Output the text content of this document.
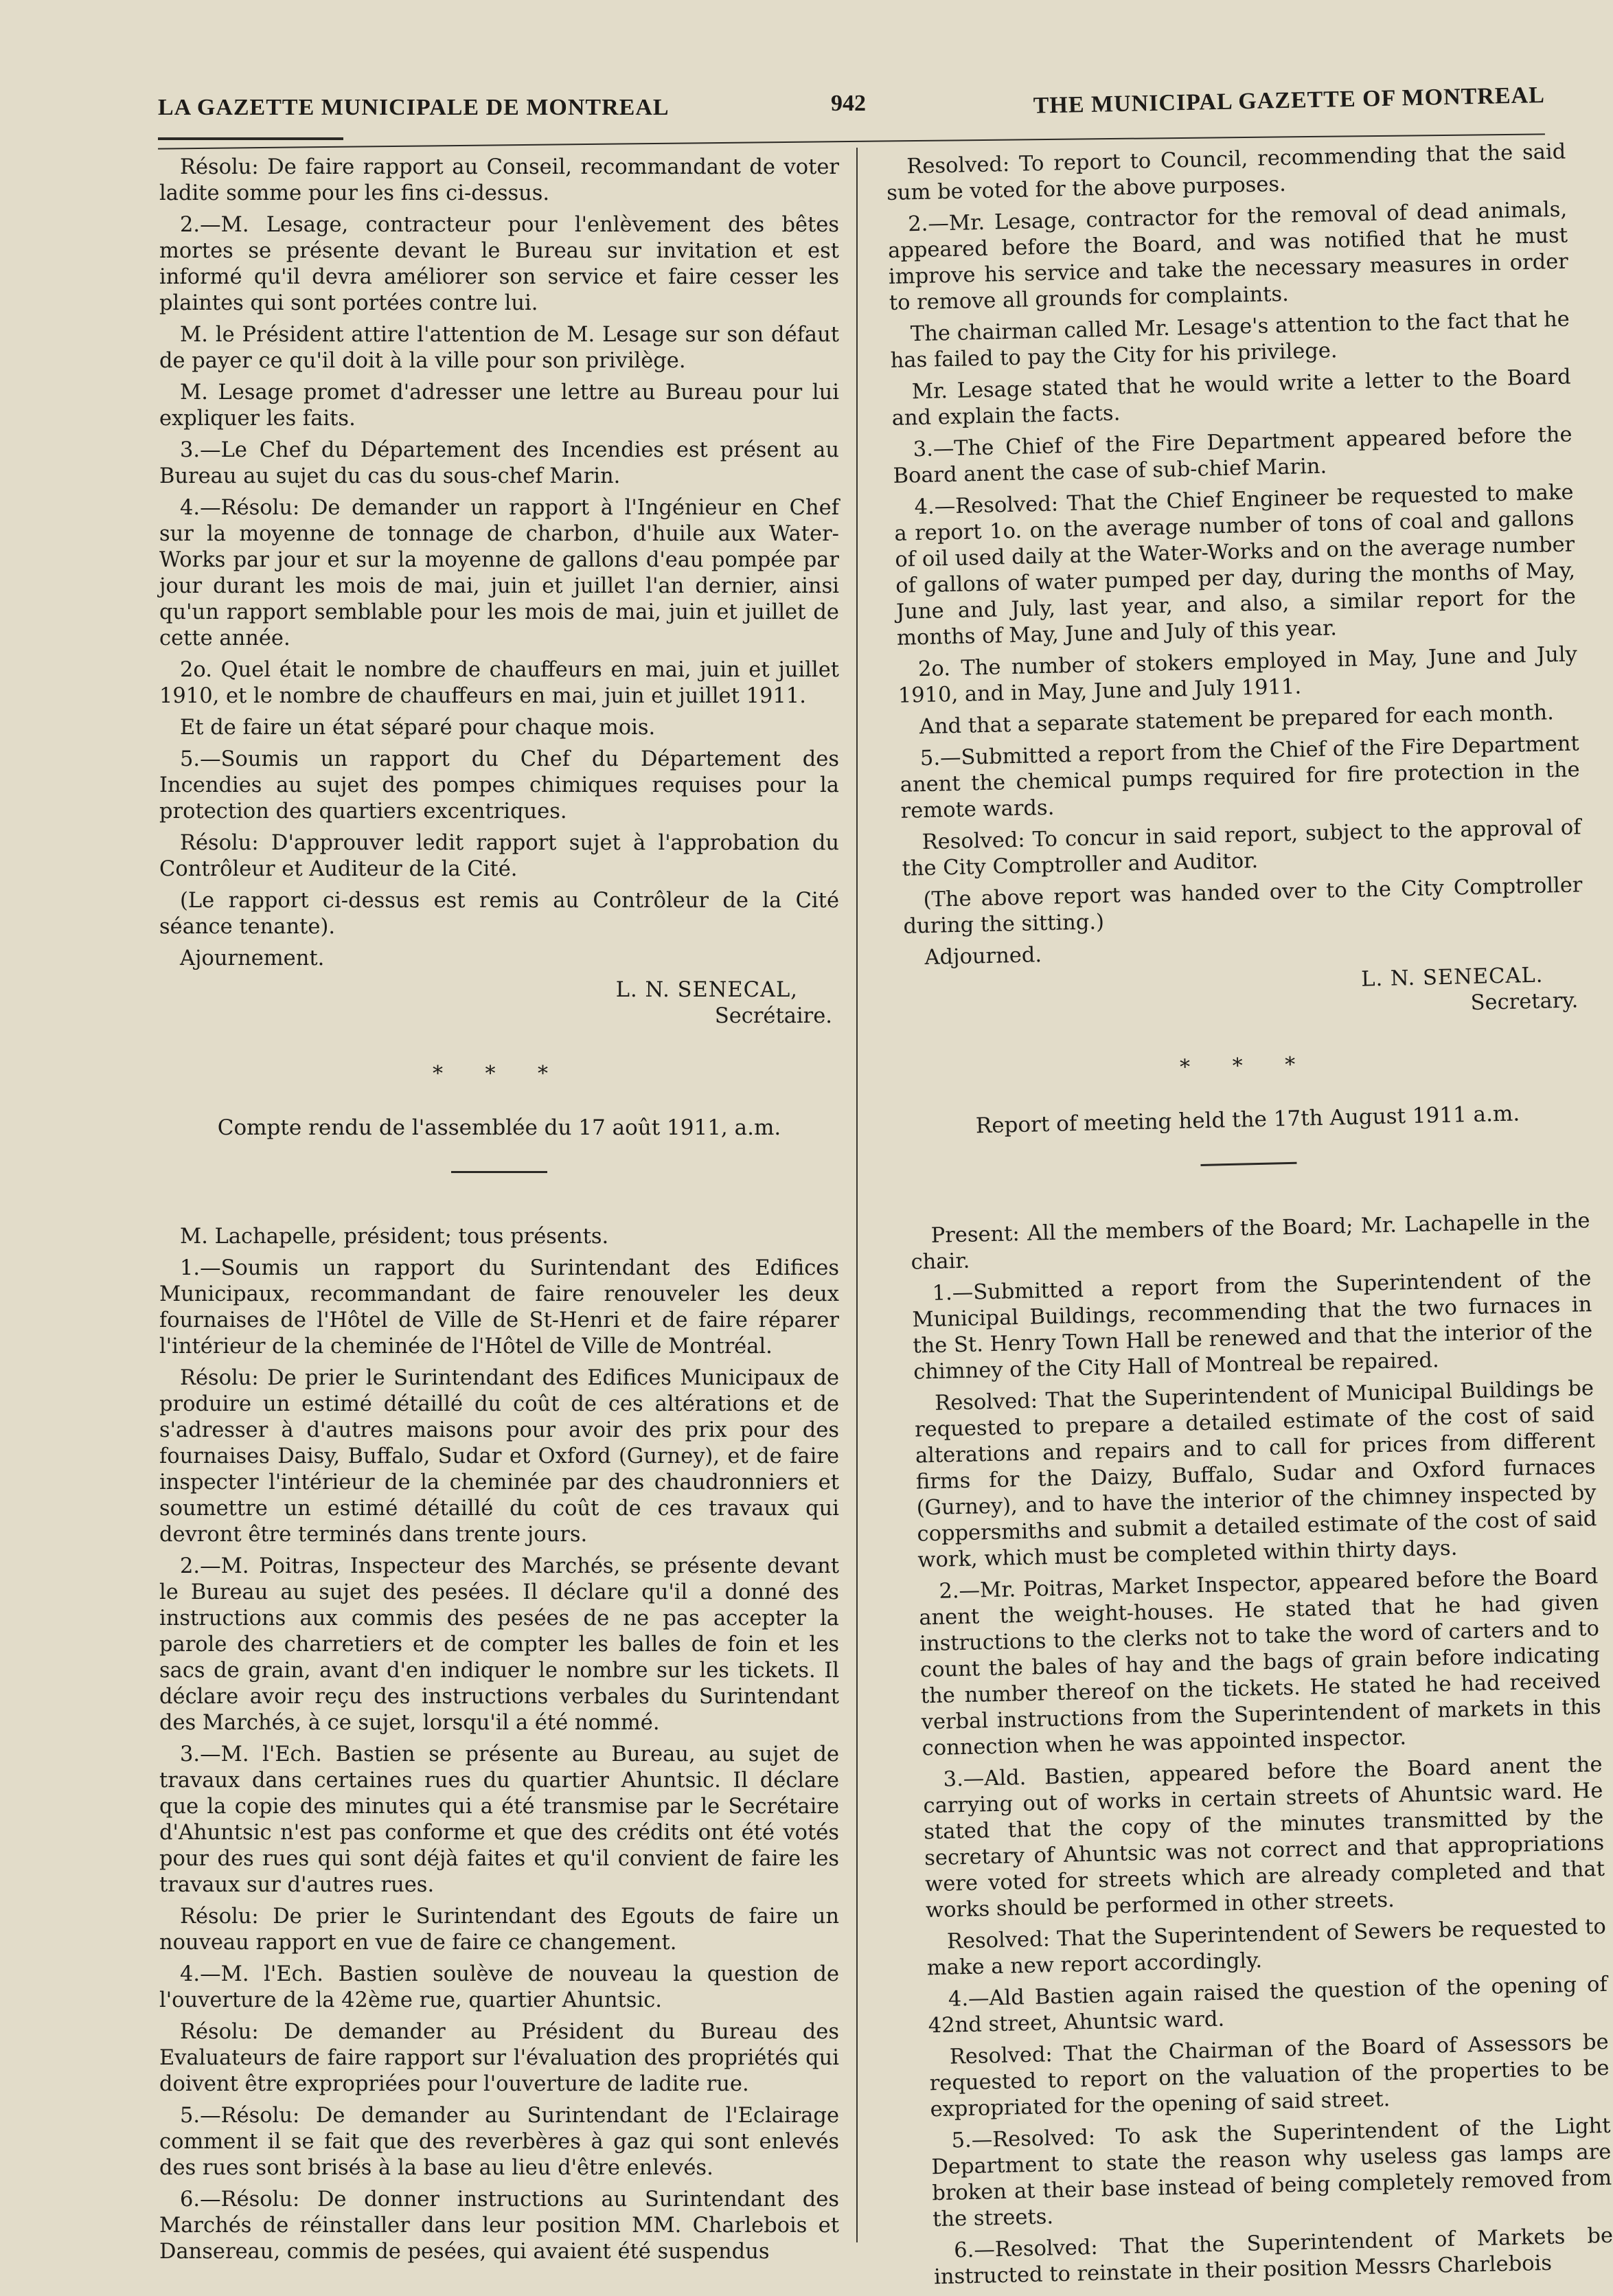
LA GAZETTE MUNICIPALE DE MONTREAL	942	THE MUNICIPAL GAZETTE OF MONTREAL

Résolu: De faire rapport au Conseil, recommandant de voter ladite somme pour les fins ci-dessus.

2.—M. Lesage, contracteur pour l'enlèvement des bêtes mortes se présente devant le Bureau sur invitation et est informé qu'il devra améliorer son service et faire cesser les plaintes qui sont portées contre lui.

M. le Président attire l'attention de M. Lesage sur son défaut de payer ce qu'il doit à la ville pour son privilège.

M. Lesage promet d'adresser une lettre au Bureau pour lui expliquer les faits.

3.—Le Chef du Département des Incendies est présent au Bureau au sujet du cas du sous-chef Marin.

4.—Résolu: De demander un rapport à l'Ingénieur en Chef sur la moyenne de tonnage de charbon, d'huile aux Water-Works par jour et sur la moyenne de gallons d'eau pompée par jour durant les mois de mai, juin et juillet l'an dernier, ainsi qu'un rapport semblable pour les mois de mai, juin et juillet de cette année.

2o. Quel était le nombre de chauffeurs en mai, juin et juillet 1910, et le nombre de chauffeurs en mai, juin et juillet 1911.

Et de faire un état séparé pour chaque mois.

5.—Soumis un rapport du Chef du Département des Incendies au sujet des pompes chimiques requises pour la protection des quartiers excentriques.

Résolu: D'approuver ledit rapport sujet à l'approbation du Contrôleur et Auditeur de la Cité.

(Le rapport ci-dessus est remis au Contrôleur de la Cité séance tenante).

Ajournement.

L. N. SENECAL,
Secrétaire.
* * *
Compte rendu de l'assemblée du 17 août 1911, a.m.

M. Lachapelle, président; tous présents.

1.—Soumis un rapport du Surintendant des Edifices Municipaux, recommandant de faire renouveler les deux fournaises de l'Hôtel de Ville de St-Henri et de faire réparer l'intérieur de la cheminée de l'Hôtel de Ville de Montréal.

Résolu: De prier le Surintendant des Edifices Municipaux de produire un estimé détaillé du coût de ces altérations et de s'adresser à d'autres maisons pour avoir des prix pour des fournaises Daisy, Buffalo, Sudar et Oxford (Gurney), et de faire inspecter l'intérieur de la cheminée par des chaudronniers et soumettre un estimé détaillé du coût de ces travaux qui devront être terminés dans trente jours.

2.—M. Poitras, Inspecteur des Marchés, se présente devant le Bureau au sujet des pesées. Il déclare qu'il a donné des instructions aux commis des pesées de ne pas accepter la parole des charretiers et de compter les balles de foin et les sacs de grain, avant d'en indiquer le nombre sur les tickets. Il déclare avoir reçu des instructions verbales du Surintendant des Marchés, à ce sujet, lorsqu'il a été nommé.

3.—M. l'Ech. Bastien se présente au Bureau, au sujet de travaux dans certaines rues du quartier Ahuntsic. Il déclare que la copie des minutes qui a été transmise par le Secrétaire d'Ahuntsic n'est pas conforme et que des crédits ont été votés pour des rues qui sont déjà faites et qu'il convient de faire les travaux sur d'autres rues.

Résolu: De prier le Surintendant des Egouts de faire un nouveau rapport en vue de faire ce changement.

4.—M. l'Ech. Bastien soulève de nouveau la question de l'ouverture de la 42ème rue, quartier Ahuntsic.

Résolu: De demander au Président du Bureau des Evaluateurs de faire rapport sur l'évaluation des propriétés qui doivent être expropriées pour l'ouverture de ladite rue.

5.—Résolu: De demander au Surintendant de l'Eclairage comment il se fait que des reverbères à gaz qui sont enlevés des rues sont brisés à la base au lieu d'être enlevés.

6.—Résolu: De donner instructions au Surintendant des Marchés de réinstaller dans leur position MM. Charlebois et Dansereau, commis de pesées, qui avaient été suspendus

Resolved: To report to Council, recommending that the said sum be voted for the above purposes.

2.—Mr. Lesage, contractor for the removal of dead animals, appeared before the Board, and was notified that he must improve his service and take the necessary measures in order to remove all grounds for complaints.

The chairman called Mr. Lesage's attention to the fact that he has failed to pay the City for his privilege.

Mr. Lesage stated that he would write a letter to the Board and explain the facts.

3.—The Chief of the Fire Department appeared before the Board anent the case of sub-chief Marin.

4.—Resolved: That the Chief Engineer be requested to make a report 1o. on the average number of tons of coal and gallons of oil used daily at the Water-Works and on the average number of gallons of water pumped per day, during the months of May, June and July, last year, and also, a similar report for the months of May, June and July of this year.

2o. The number of stokers employed in May, June and July 1910, and in May, June and July 1911.

And that a separate statement be prepared for each month.

5.—Submitted a report from the Chief of the Fire Department anent the chemical pumps required for fire protection in the remote wards.

Resolved: To concur in said report, subject to the approval of the City Comptroller and Auditor.

(The above report was handed over to the City Comptroller during the sitting.)

Adjourned.

L. N. SENECAL.
Secretary.
* * *
Report of meeting held the 17th August 1911 a.m.

Present: All the members of the Board; Mr. Lachapelle in the chair.

1.—Submitted a report from the Superintendent of the Municipal Buildings, recommending that the two furnaces in the St. Henry Town Hall be renewed and that the interior of the chimney of the City Hall of Montreal be repaired.

Resolved: That the Superintendent of Municipal Buildings be requested to prepare a detailed estimate of the cost of said alterations and repairs and to call for prices from different firms for the Daizy, Buffalo, Sudar and Oxford furnaces (Gurney), and to have the interior of the chimney inspected by coppersmiths and submit a detailed estimate of the cost of said work, which must be completed within thirty days.

2.—Mr. Poitras, Market Inspector, appeared before the Board anent the weight-houses. He stated that he had given instructions to the clerks not to take the word of carters and to count the bales of hay and the bags of grain before indicating the number thereof on the tickets. He stated he had received verbal instructions from the Superintendent of markets in this connection when he was appointed inspector.

3.—Ald. Bastien, appeared before the Board anent the carrying out of works in certain streets of Ahuntsic ward. He stated that the copy of the minutes transmitted by the secretary of Ahuntsic was not correct and that appropriations were voted for streets which are already completed and that works should be performed in other streets.

Resolved: That the Superintendent of Sewers be requested to make a new report accordingly.

4.—Ald Bastien again raised the question of the opening of 42nd street, Ahuntsic ward.

Resolved: That the Chairman of the Board of Assessors be requested to report on the valuation of the properties to be expropriated for the opening of said street.

5.—Resolved: To ask the Superintendent of the Light Department to state the reason why useless gas lamps are broken at their base instead of being completely removed from the streets.

6.—Resolved: That the Superintendent of Markets be instructed to reinstate in their position Messrs Charlebois
